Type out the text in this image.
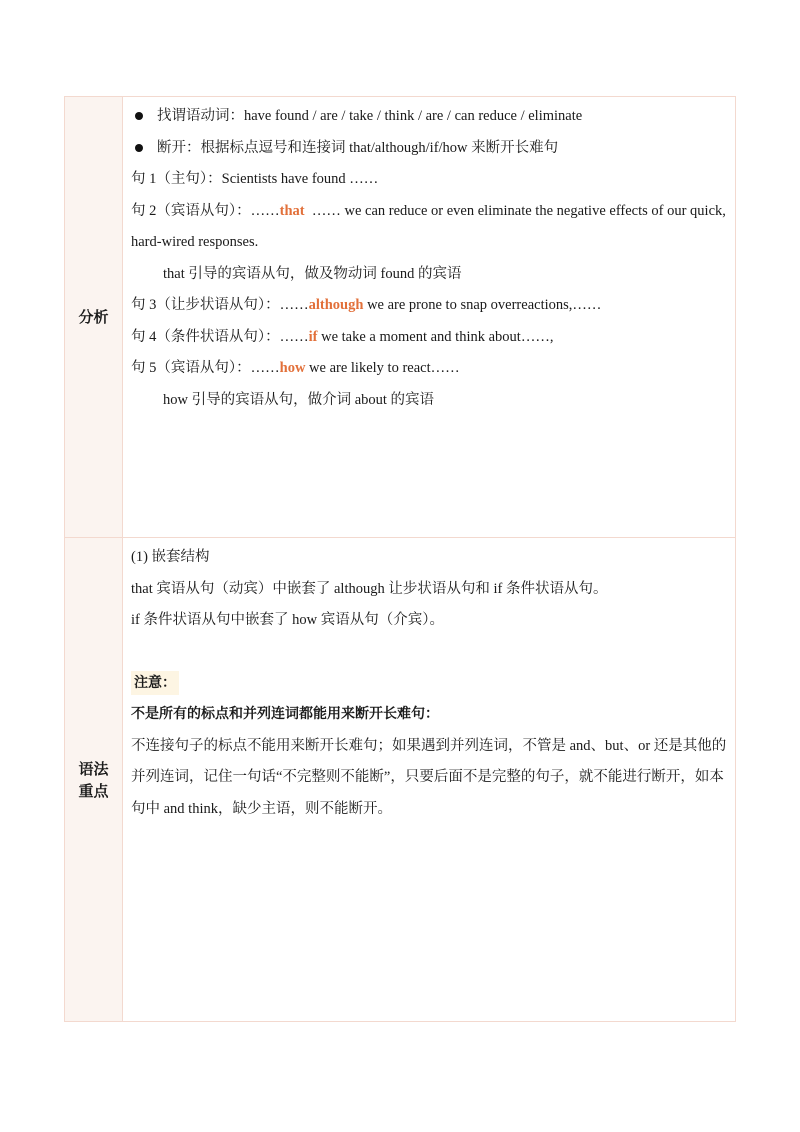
分析
找谓语动词：have found / are / take / think / are / can reduce / eliminate
断开：根据标点逗号和连接词 that/although/if/how 来断开长难句
句 1（主句）：Scientists have found ……
句 2（宾语从句）：……that …… we can reduce or even eliminate the negative effects of our quick, hard-wired responses.
that 引导的宾语从句，做及物动词 found 的宾语
句 3（让步状语从句）：……although we are prone to snap overreactions,……
句 4（条件状语从句）：……if we take a moment and think about……,
句 5（宾语从句）：……how we are likely to react……
how 引导的宾语从句，做介词 about 的宾语
语法
重点
(1) 嵌套结构
that 宾语从句（动宾）中嵌套了 although 让步状语从句和 if 条件状语从句。
if 条件状语从句中嵌套了 how 宾语从句（介宾）。
注意：
不是所有的标点和并列连词都能用来断开长难句：
不连接句子的标点不能用来断开长难句；如果遇到并列连词，不管是 and、but、or 还是其他的并列连词，记住一句话“不完整则不能断”，只要后面不是完整的句子，就不能进行断开，如本句中 and think，缺少主语，则不能断开。
